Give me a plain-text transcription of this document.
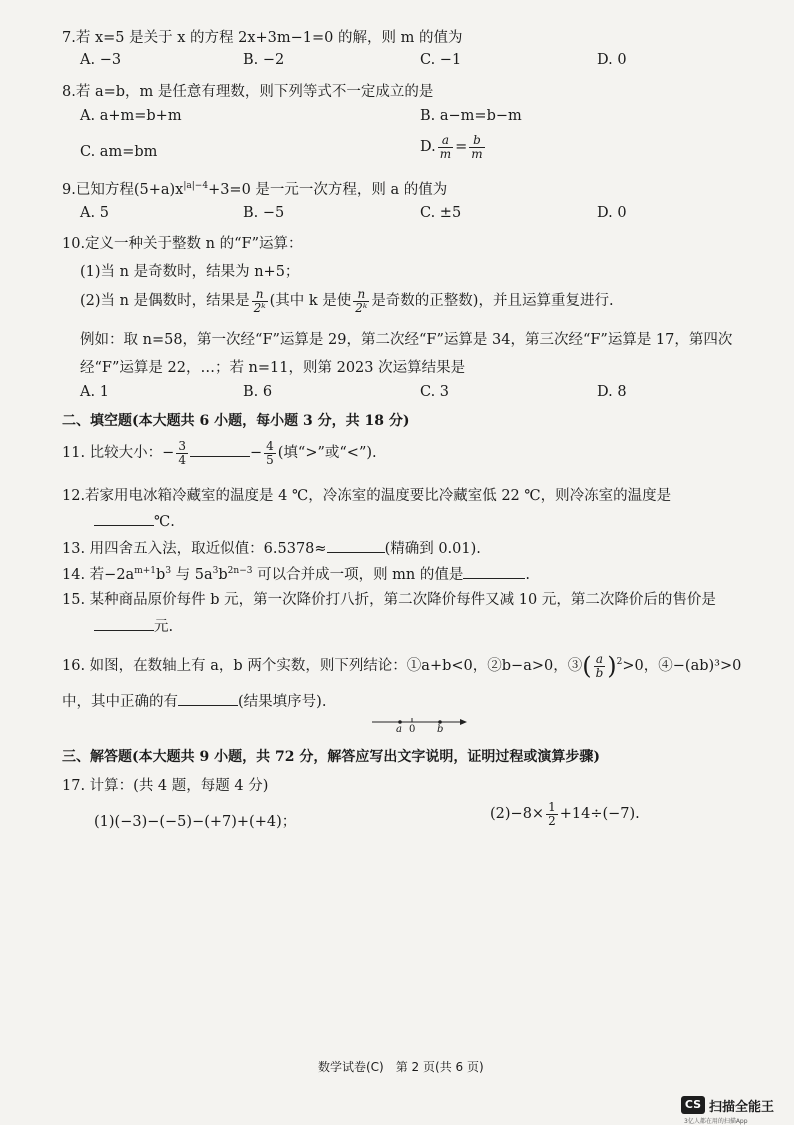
7.若 x=5 是关于 x 的方程 2x+3m−1=0 的解，则 m 的值为
A. −3	B. −2	C. −1	D. 0
8.若 a=b，m 是任意有理数，则下列等式不一定成立的是
A. a+m=b+m	B. a−m=b−m
C. am=bm	D. $\frac{a}{m} = \frac{b}{m}$
9.已知方程$(5+a)x^{|a|-4}+3=0$ 是一元一次方程，则 a 的值为
A. 5	B. −5	C. ±5	D. 0
10.定义一种关于整数 n 的“F”运算：
(1)当 n 是奇数时，结果为 n+5；
(2)当 n 是偶数时，结果是 $\frac{n}{\text{2ᵏ}}$ (其中 k 是使 $\frac{n}{\text{2ᵏ}}$ 是奇数的正整数)，并且运算重复进行.
例如：取 n=58，第一次经“F”运算是 29，第二次经“F”运算是 34，第三次经“F”运算是 17，第四次
经“F”运算是 22，…；若 n=11，则第 2023 次运算结果是
A. 1	B. 6	C. 3	D. 8
二、填空题(本大题共 6 小题，每小题 3 分，共 18 分)
11. 比较大小：− $\frac{3}{4}$	− $\frac{4}{5}$ (填“>”或“<”).
12.若家用电冰箱冷藏室的温度是 4 ℃，冷冻室的温度要比冷藏室低 22 ℃，则冷冻室的温度是
℃.
13. 用四舍五入法，取近似值：6.5378≈	(精确到 0.01).
14. 若$-2a^{m+1}b^3$ 与 $5a^3b^{2n-3}$ 可以合并成一项，则 mn 的值是	.
15. 某种商品原价每件 b 元，第一次降价打八折，第二次降价每件又减 10 元，第二次降价后的售价是
元.
16. 如图，在数轴上有 a，b 两个实数，则下列结论：①a+b<0，②b−a>0，③( $\frac{a}{b} )^2>0$，④−(ab)³>0
中，其中正确的有	(结果填序号).
a 0 b
三、解答题(本大题共 9 小题，共 72 分，解答应写出文字说明，证明过程或演算步骤)
17. 计算：(共 4 题，每题 4 分)
(1)(−3)−(−5)−(+7)+(+4)；	$(2)-8\times \frac{1}{2} +14\div(-7)$.
数学试卷(C)　第 2 页(共 6 页)
CS 扫描全能王
3亿人都在用的扫描App
